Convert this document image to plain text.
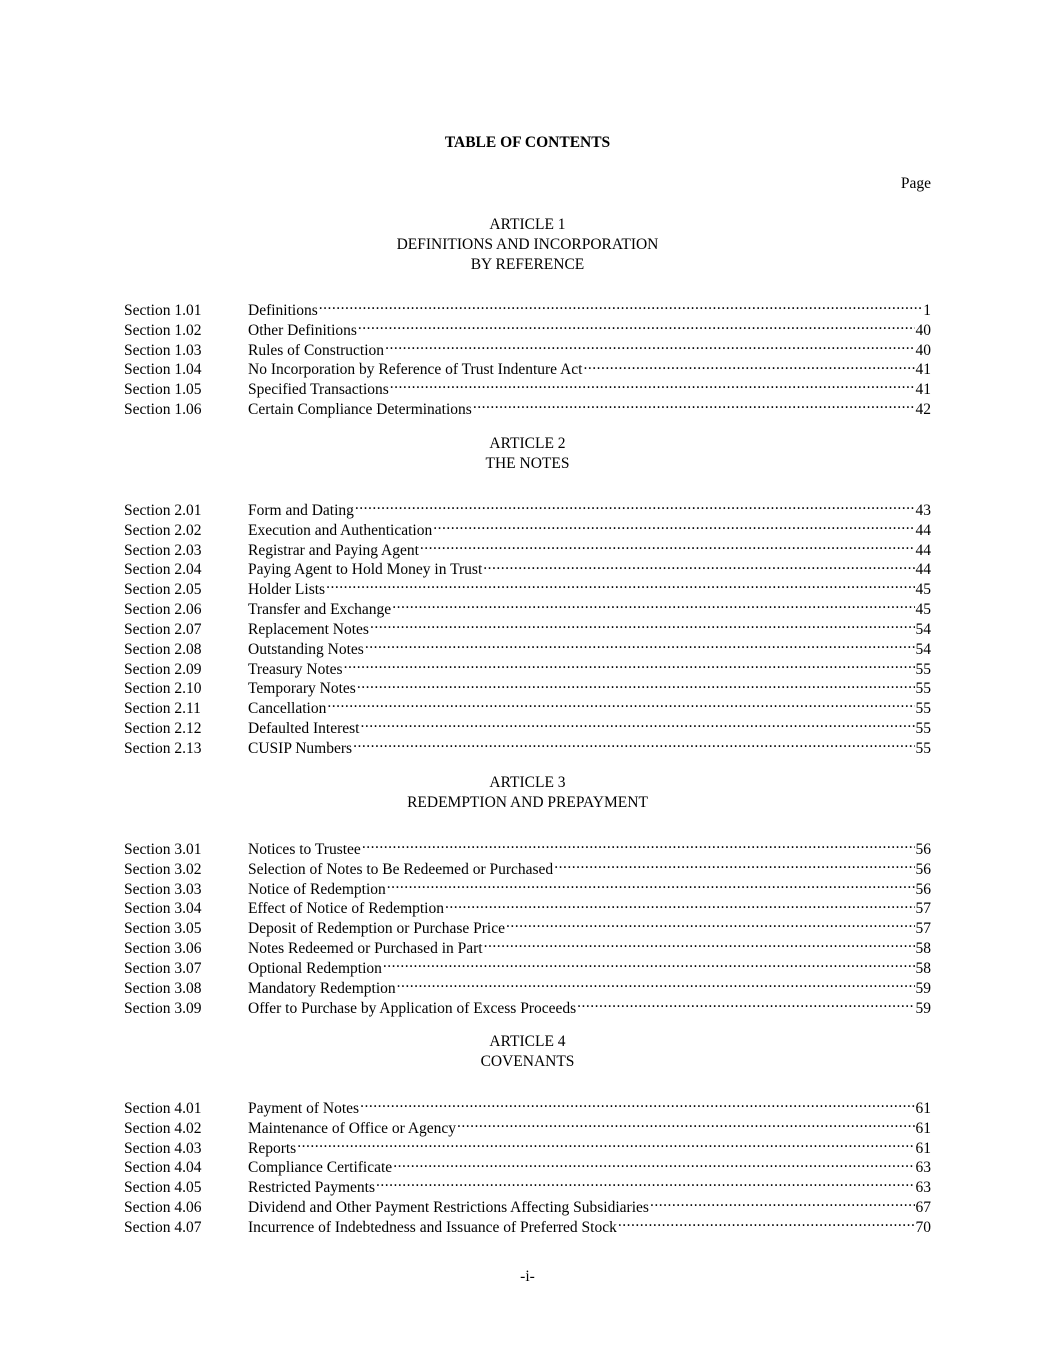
TABLE OF CONTENTS
Page
ARTICLE 1
DEFINITIONS AND INCORPORATION
BY REFERENCE
Section 1.01	Definitions .....	1
Section 1.02	Other Definitions .....	40
Section 1.03	Rules of Construction .....	40
Section 1.04	No Incorporation by Reference of Trust Indenture Act .....	41
Section 1.05	Specified Transactions .....	41
Section 1.06	Certain Compliance Determinations .....	42
ARTICLE 2
THE NOTES
Section 2.01	Form and Dating .....	43
Section 2.02	Execution and Authentication .....	44
Section 2.03	Registrar and Paying Agent .....	44
Section 2.04	Paying Agent to Hold Money in Trust .....	44
Section 2.05	Holder Lists .....	45
Section 2.06	Transfer and Exchange .....	45
Section 2.07	Replacement Notes .....	54
Section 2.08	Outstanding Notes .....	54
Section 2.09	Treasury Notes .....	55
Section 2.10	Temporary Notes .....	55
Section 2.11	Cancellation .....	55
Section 2.12	Defaulted Interest .....	55
Section 2.13	CUSIP Numbers .....	55
ARTICLE 3
REDEMPTION AND PREPAYMENT
Section 3.01	Notices to Trustee .....	56
Section 3.02	Selection of Notes to Be Redeemed or Purchased .....	56
Section 3.03	Notice of Redemption .....	56
Section 3.04	Effect of Notice of Redemption .....	57
Section 3.05	Deposit of Redemption or Purchase Price .....	57
Section 3.06	Notes Redeemed or Purchased in Part .....	58
Section 3.07	Optional Redemption .....	58
Section 3.08	Mandatory Redemption .....	59
Section 3.09	Offer to Purchase by Application of Excess Proceeds .....	59
ARTICLE 4
COVENANTS
Section 4.01	Payment of Notes .....	61
Section 4.02	Maintenance of Office or Agency .....	61
Section 4.03	Reports .....	61
Section 4.04	Compliance Certificate .....	63
Section 4.05	Restricted Payments .....	63
Section 4.06	Dividend and Other Payment Restrictions Affecting Subsidiaries .....	67
Section 4.07	Incurrence of Indebtedness and Issuance of Preferred Stock .....	70
-i-
